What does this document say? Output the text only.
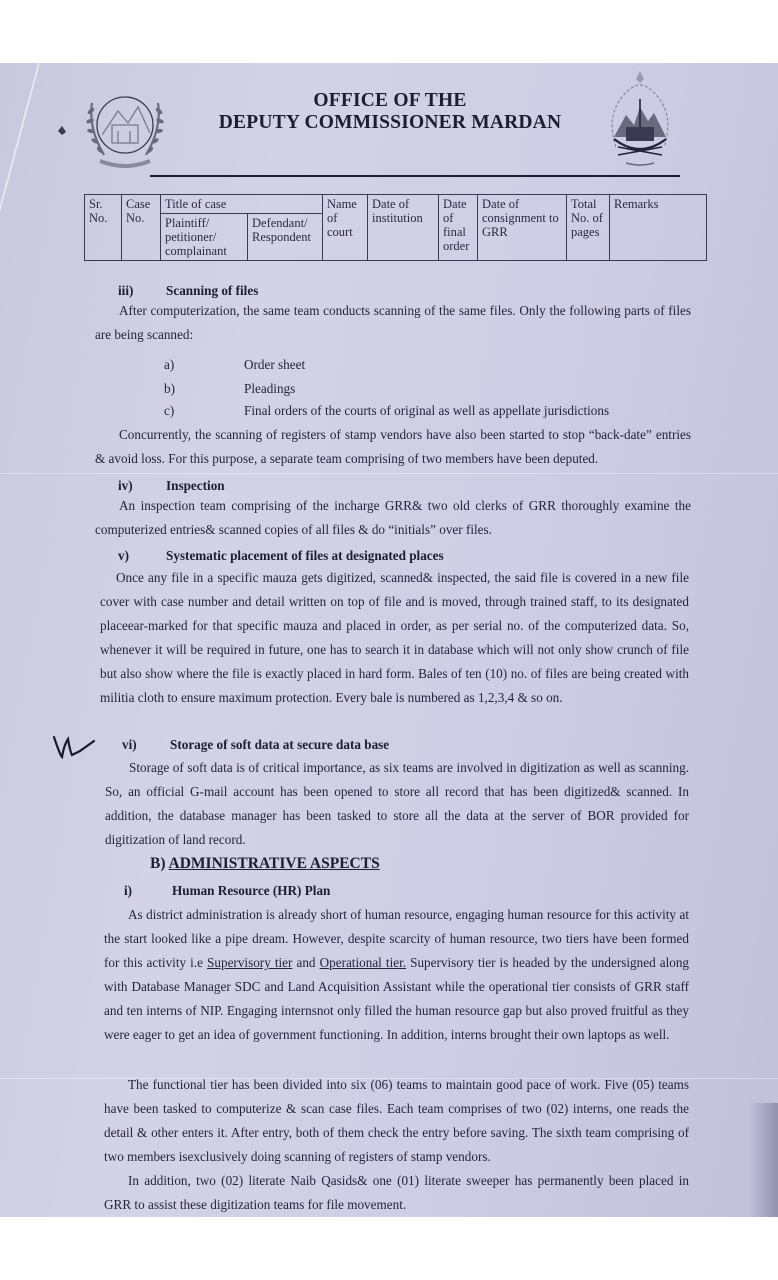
OFFICE OF THE
DEPUTY COMMISSIONER MARDAN
Sr. No.	Case No.	Title of case		Name of court	Date of institution	Date of final order	Date of consignment to GRR	Total No. of pages	Remarks
		Plaintiff/ petitioner/ complainant	Defendant/ Respondent						
iii) Scanning of files
After computerization, the same team conducts scanning of the same files. Only the following parts of files are being scanned:
a)	Order sheet
b)	Pleadings
c)	Final orders of the courts of original as well as appellate jurisdictions
Concurrently, the scanning of registers of stamp vendors have also been started to stop “back-date” entries & avoid loss. For this purpose, a separate team comprising of two members have been deputed.
iv)	Inspection
An inspection team comprising of the incharge GRR& two old clerks of GRR thoroughly examine the computerized entries& scanned copies of all files & do “initials” over files.
v)	Systematic placement of files at designated places
Once any file in a specific mauza gets digitized, scanned& inspected, the said file is covered in a new file cover with case number and detail written on top of file and is moved, through trained staff, to its designated placeear-marked for that specific mauza and placed in order, as per serial no. of the computerized data. So, whenever it will be required in future, one has to search it in database which will not only show crunch of file but also show where the file is exactly placed in hard form. Bales of ten (10) no. of files are being created with militia cloth to ensure maximum protection. Every bale is numbered as 1,2,3,4 & so on.
vi)	Storage of soft data at secure data base
Storage of soft data is of critical importance, as six teams are involved in digitization as well as scanning. So, an official G-mail account has been opened to store all record that has been digitized& scanned. In addition, the database manager has been tasked to store all the data at the server of BOR provided for digitization of land record.
B) ADMINISTRATIVE ASPECTS
i)	Human Resource (HR) Plan
As district administration is already short of human resource, engaging human resource for this activity at the start looked like a pipe dream. However, despite scarcity of human resource, two tiers have been formed for this activity i.e Supervisory tier and Operational tier. Supervisory tier is headed by the undersigned along with Database Manager SDC and Land Acquisition Assistant while the operational tier consists of GRR staff and ten interns of NIP. Engaging internsnot only filled the human resource gap but also proved fruitful as they were eager to get an idea of government functioning. In addition, interns brought their own laptops as well.
The functional tier has been divided into six (06) teams to maintain good pace of work. Five (05) teams have been tasked to computerize & scan case files. Each team comprises of two (02) interns, one reads the detail & other enters it. After entry, both of them check the entry before saving. The sixth team comprising of two members isexclusively doing scanning of registers of stamp vendors.
In addition, two (02) literate Naib Qasids& one (01) literate sweeper has permanently been placed in GRR to assist these digitization teams for file movement.
